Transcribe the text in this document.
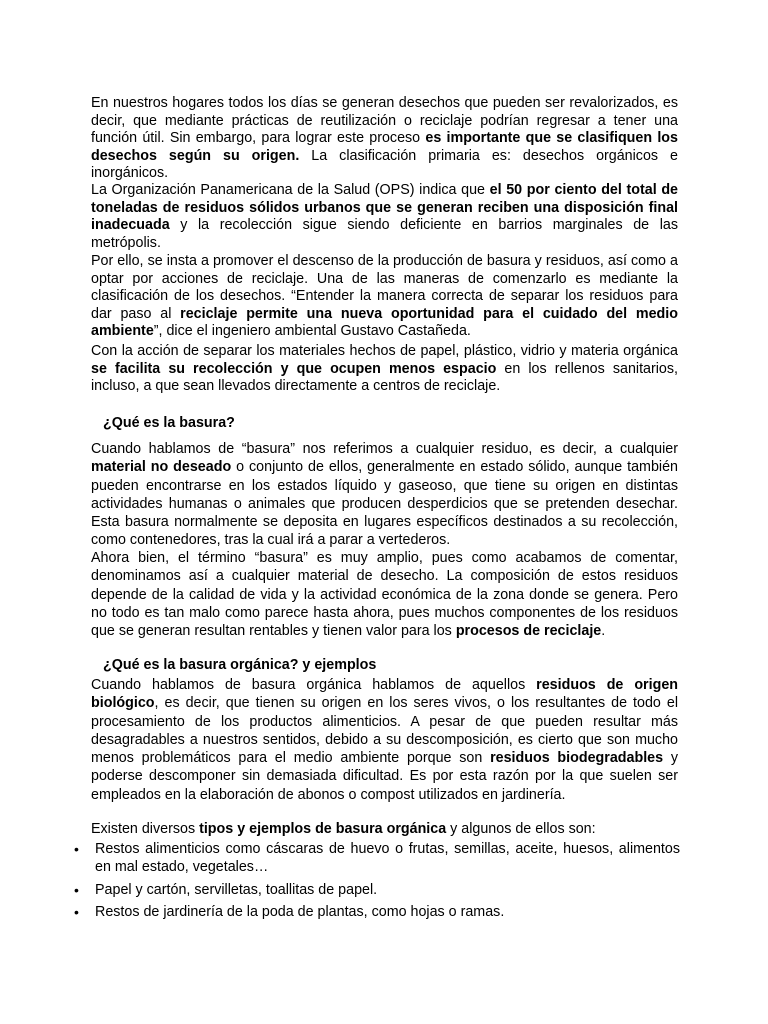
En nuestros hogares todos los días se generan desechos que pueden ser revalorizados, es decir, que mediante prácticas de reutilización o reciclaje podrían regresar a tener una función útil. Sin embargo, para lograr este proceso es importante que se clasifiquen los desechos según su origen. La clasificación primaria es: desechos orgánicos e inorgánicos.

La Organización Panamericana de la Salud (OPS) indica que el 50 por ciento del total de toneladas de residuos sólidos urbanos que se generan reciben una disposición final inadecuada y la recolección sigue siendo deficiente en barrios marginales de las metrópolis.

Por ello, se insta a promover el descenso de la producción de basura y residuos, así como a optar por acciones de reciclaje. Una de las maneras de comenzarlo es mediante la clasificación de los desechos. “Entender la manera correcta de separar los residuos para dar paso al reciclaje permite una nueva oportunidad para el cuidado del medio ambiente”, dice el ingeniero ambiental Gustavo Castañeda.

Con la acción de separar los materiales hechos de papel, plástico, vidrio y materia orgánica se facilita su recolección y que ocupen menos espacio en los rellenos sanitarios, incluso, a que sean llevados directamente a centros de reciclaje.

¿Qué es la basura?

Cuando hablamos de “basura” nos referimos a cualquier residuo, es decir, a cualquier material no deseado o conjunto de ellos, generalmente en estado sólido, aunque también pueden encontrarse en los estados líquido y gaseoso, que tiene su origen en distintas actividades humanas o animales que producen desperdicios que se pretenden desechar. Esta basura normalmente se deposita en lugares específicos destinados a su recolección, como contenedores, tras la cual irá a parar a vertederos.

Ahora bien, el término “basura” es muy amplio, pues como acabamos de comentar, denominamos así a cualquier material de desecho. La composición de estos residuos depende de la calidad de vida y la actividad económica de la zona donde se genera. Pero no todo es tan malo como parece hasta ahora, pues muchos componentes de los residuos que se generan resultan rentables y tienen valor para los procesos de reciclaje.

¿Qué es la basura orgánica? y ejemplos

Cuando hablamos de basura orgánica hablamos de aquellos residuos de origen biológico, es decir, que tienen su origen en los seres vivos, o los resultantes de todo el procesamiento de los productos alimenticios. A pesar de que pueden resultar más desagradables a nuestros sentidos, debido a su descomposición, es cierto que son mucho menos problemáticos para el medio ambiente porque son residuos biodegradables y poderse descomponer sin demasiada dificultad. Es por esta razón por la que suelen ser empleados en la elaboración de abonos o compost utilizados en jardinería.

Existen diversos tipos y ejemplos de basura orgánica y algunos de ellos son:

• Restos alimenticios como cáscaras de huevo o frutas, semillas, aceite, huesos, alimentos en mal estado, vegetales…
• Papel y cartón, servilletas, toallitas de papel.
• Restos de jardinería de la poda de plantas, como hojas o ramas.
